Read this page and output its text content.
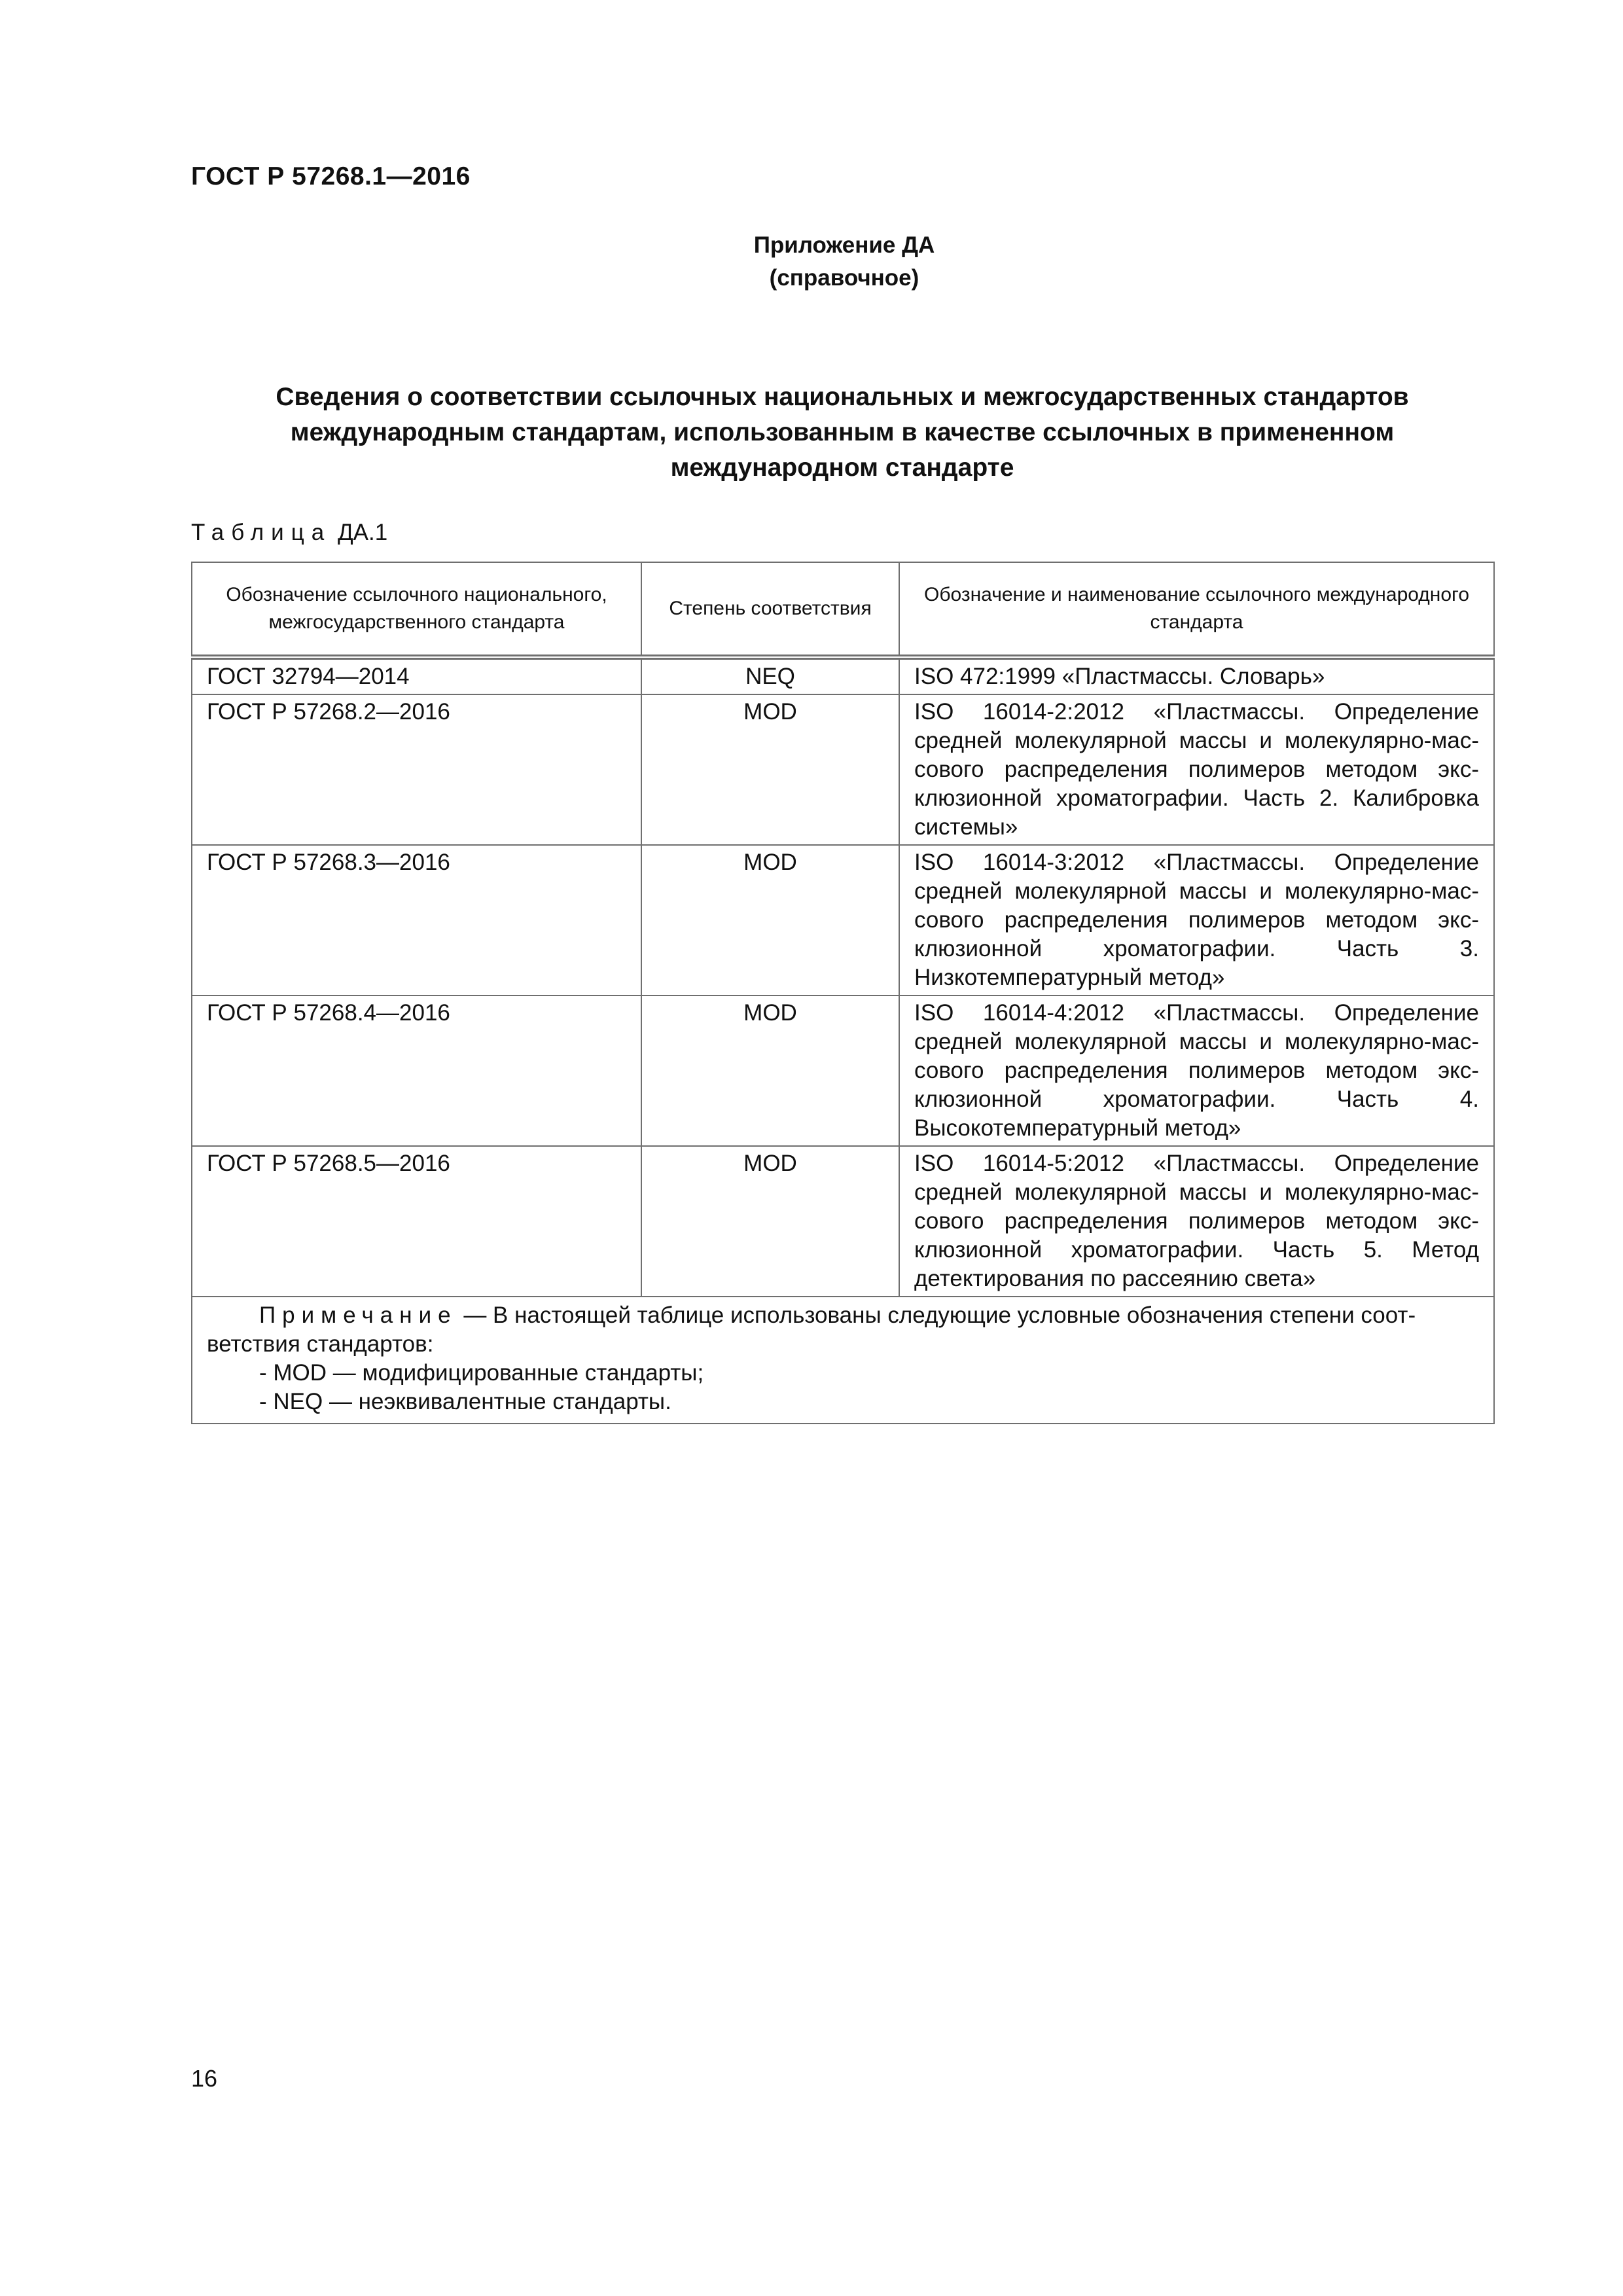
ГОСТ Р 57268.1—2016
Приложение ДА
(справочное)
Сведения о соответствии ссылочных национальных и межгосударственных стандартов
международным стандартам, использованным в качестве ссылочных в примененном
международном стандарте
Таблица ДА.1
Обозначение ссылочного национального, межгосударственного стандарта	Степень соответствия	Обозначение и наименование ссылочного международного стандарта
ГОСТ 32794—2014	NEQ	ISO 472:1999 «Пластмассы. Словарь»

ГОСТ Р 57268.2—2016	MOD	ISO 16014-2:2012 «Пластмассы. Определение
средней молекулярной массы и молекулярно-мас-
сового распределения полимеров методом экс-
клюзионной хроматографии. Часть 2. Калибровка
системы»

ГОСТ Р 57268.3—2016	MOD	ISO 16014-3:2012 «Пластмассы. Определение
средней молекулярной массы и молекулярно-мас-
сового распределения полимеров методом экс-
клюзионной хроматографии. Часть 3.
Низкотемпературный метод»

ГОСТ Р 57268.4—2016	MOD	ISO 16014-4:2012 «Пластмассы. Определение
средней молекулярной массы и молекулярно-мас-
сового распределения полимеров методом экс-
клюзионной хроматографии. Часть 4.
Высокотемпературный метод»

ГОСТ Р 57268.5—2016	MOD	ISO 16014-5:2012 «Пластмассы. Определение
средней молекулярной массы и молекулярно-мас-
сового распределения полимеров методом экс-
клюзионной хроматографии. Часть 5. Метод
детектирования по рассеянию света»

Примечание — В настоящей таблице использованы следующие условные обозначения степени соот-
ветствия стандартов:
- MOD — модифицированные стандарты;
- NEQ — неэквивалентные стандарты.		
16
